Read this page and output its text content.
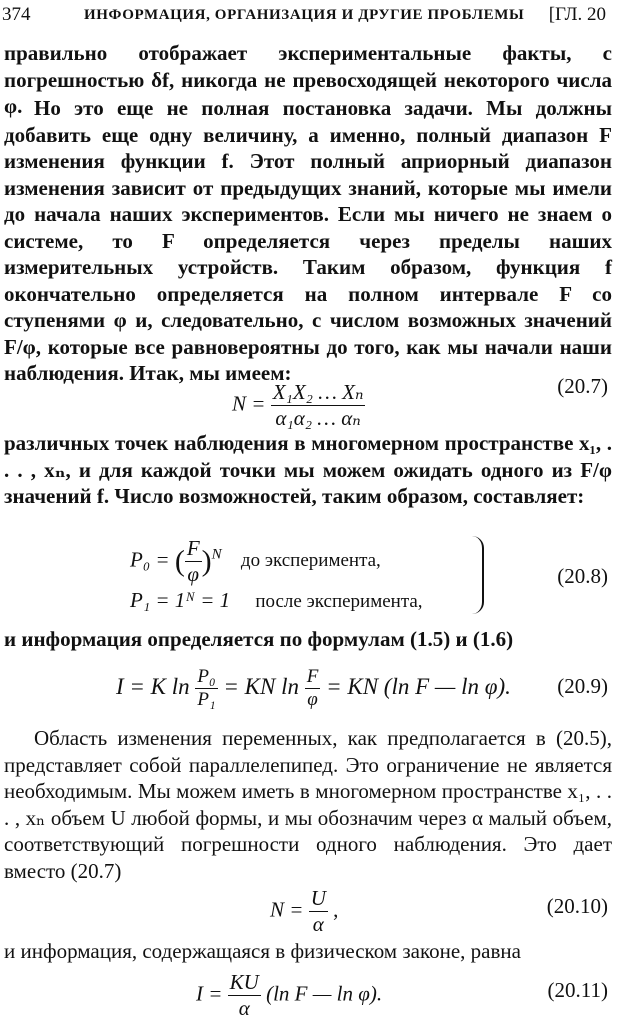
374	ИНФОРМАЦИЯ, ОРГАНИЗАЦИЯ И ДРУГИЕ ПРОБЛЕМЫ [ГЛ. 20

правильно отображает экспериментальные факты, с погрешностью δf, никогда не превосходящей некоторого числа φ. Но это еще не полная постановка задачи. Мы должны добавить еще одну величину, а именно, полный диапазон F изменения функции f. Этот полный априорный диапазон изменения зависит от предыдущих знаний, которые мы имели до начала наших экспериментов. Если мы ничего не знаем о системе, то F определяется через пределы наших измерительных устройств. Таким образом, функция f окончательно определяется на полном интервале F со ступенями φ и, следовательно, с числом возможных значений F/φ, которые все равновероятны до того, как мы начали наши наблюдения. Итак, мы имеем:

$N = \frac{\text{X₁X₂ … Xₙ}}{\text{α₁α₂ … αₙ}}$	(20.7)

различных точек наблюдения в многомерном пространстве x₁, . . . , xₙ, и для каждой точки мы можем ожидать одного из F/φ значений f. Число возможностей, таким образом, составляет:

P₀ = ( $\frac{F}{\varphi} )^N$ до эксперимента,
P₁ = 1ᴺ = 1 после эксперимента,
(20.8)

и информация определяется по формулам (1.5) и (1.6)

I = K $\ln \frac{\text{P₀}}{\text{P₁}}$ = KN $\ln \frac{F}{\varphi}$ = KN (ln F — ln φ). (20.9)

Область изменения переменных, как предполагается в (20.5), представляет собой параллелепипед. Это ограничение не является необходимым. Мы можем иметь в многомерном пространстве x₁, . . . , xₙ объем U любой формы, и мы обозначим через α малый объем, соответствующий погрешности одного наблюдения. Это дает вместо (20.7)

$N = \frac{U}{\alpha}$ ,	(20.10)

и информация, содержащаяся в физическом законе, равна

$I = \frac{KU}{\alpha} (\ln$ F — ln φ).	(20.11)
